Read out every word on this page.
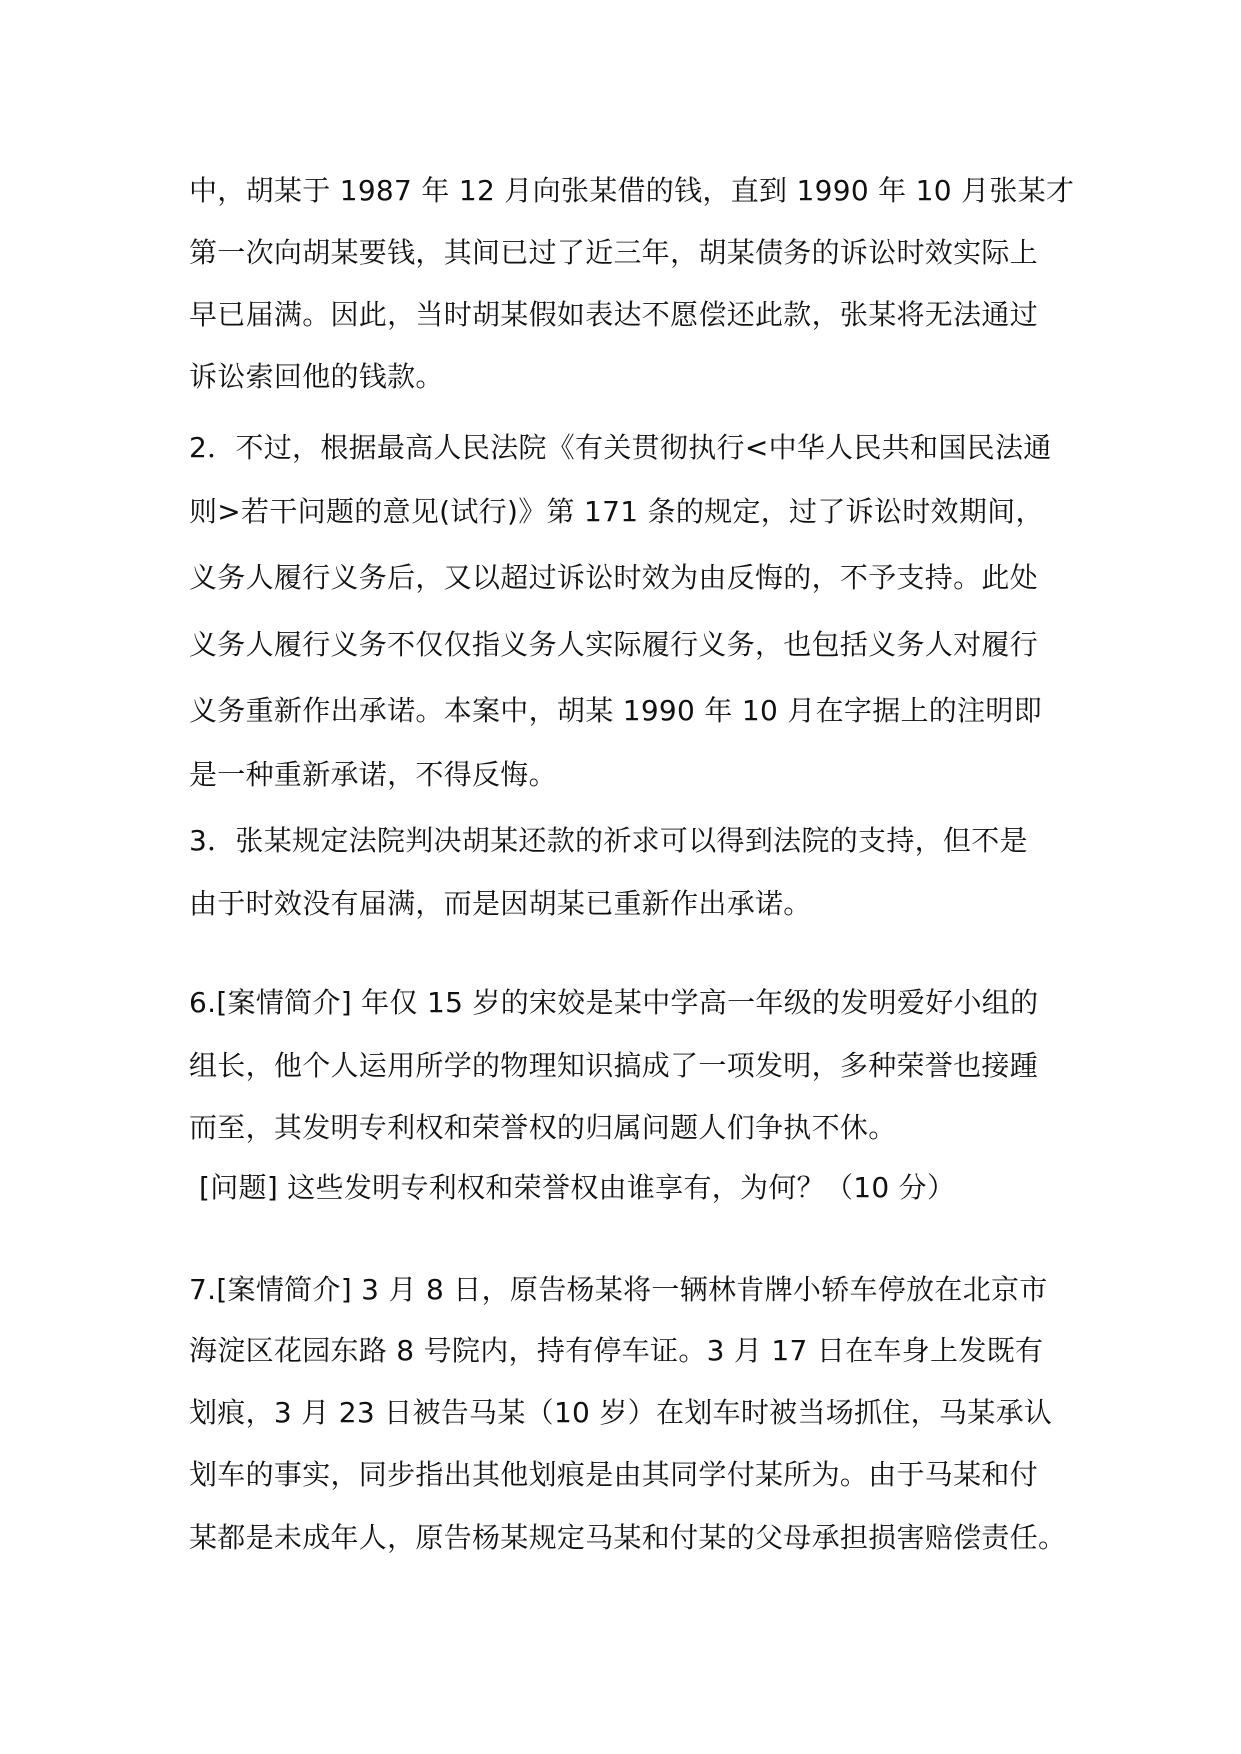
中，胡某于 1987 年 12 月向张某借的钱，直到 1990 年 10 月张某才
第一次向胡某要钱，其间已过了近三年，胡某债务的诉讼时效实际上
早已届满。因此，当时胡某假如表达不愿偿还此款，张某将无法通过
诉讼索回他的钱款。
2．不过，根据最高人民法院《有关贯彻执行<中华人民共和国民法通
则>若干问题的意见(试行)》第 171 条的规定，过了诉讼时效期间，
义务人履行义务后，又以超过诉讼时效为由反悔的，不予支持。此处
义务人履行义务不仅仅指义务人实际履行义务，也包括义务人对履行
义务重新作出承诺。本案中，胡某 1990 年 10 月在字据上的注明即
是一种重新承诺，不得反悔。
3．张某规定法院判决胡某还款的祈求可以得到法院的支持，但不是
由于时效没有届满，而是因胡某已重新作出承诺。
6.[案情简介] 年仅 15 岁的宋姣是某中学高一年级的发明爱好小组的
组长，他个人运用所学的物理知识搞成了一项发明，多种荣誉也接踵
而至，其发明专利权和荣誉权的归属问题人们争执不休。
[问题] 这些发明专利权和荣誉权由谁享有，为何？（10 分）
7.[案情简介] 3 月 8 日，原告杨某将一辆林肯牌小轿车停放在北京市
海淀区花园东路 8 号院内，持有停车证。3 月 17 日在车身上发既有
划痕，3 月 23 日被告马某（10 岁）在划车时被当场抓住，马某承认
划车的事实，同步指出其他划痕是由其同学付某所为。由于马某和付
某都是未成年人，原告杨某规定马某和付某的父母承担损害赔偿责任。
